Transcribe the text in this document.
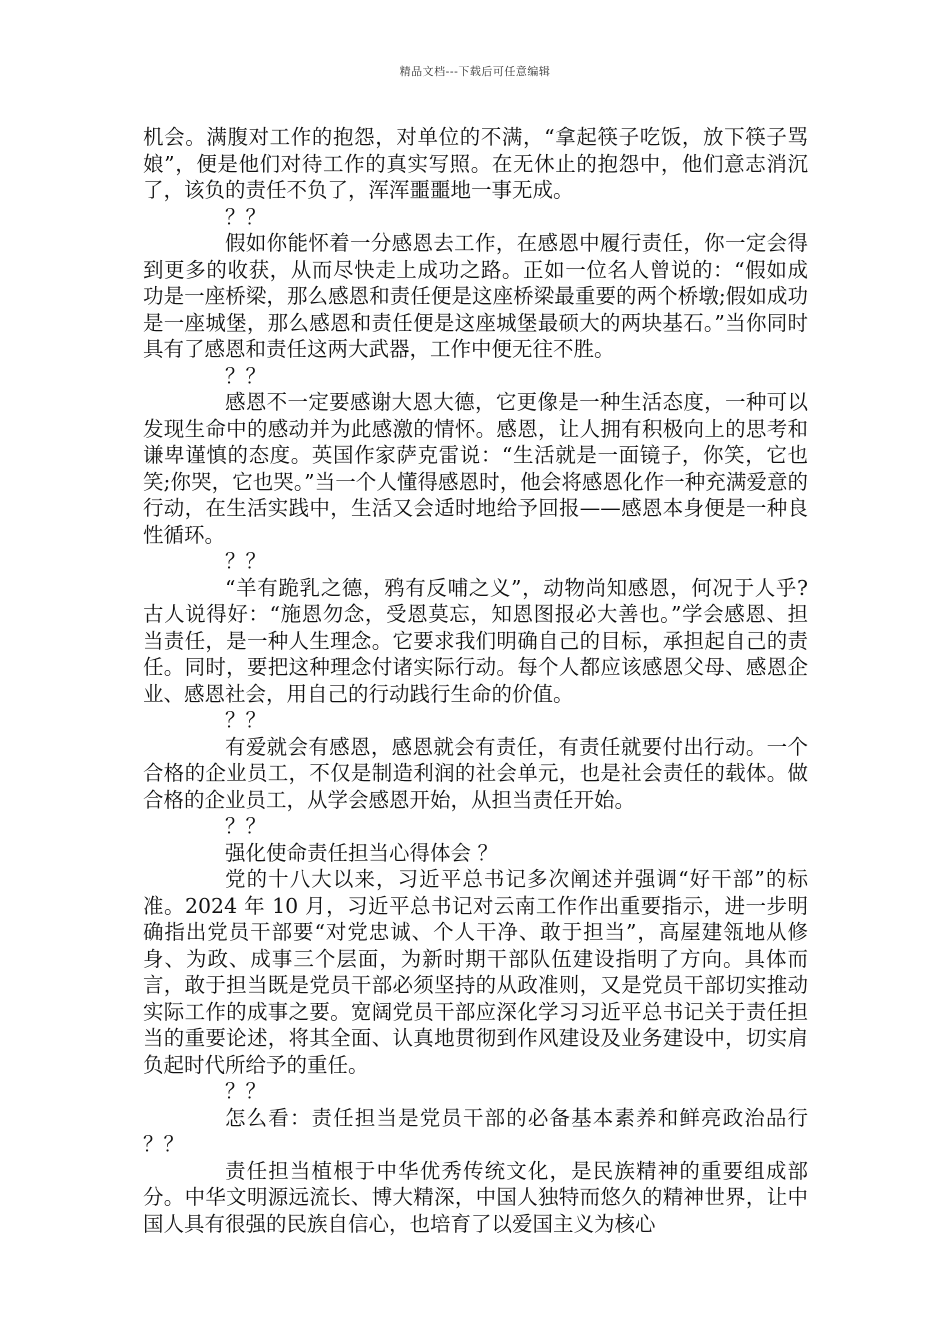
精品文档---下载后可任意编辑

机会。满腹对工作的抱怨，对单位的不满，“拿起筷子吃饭，放下筷子骂娘”，便是他们对待工作的真实写照。在无休止的抱怨中，他们意志消沉了，该负的责任不负了，浑浑噩噩地一事无成。

？？

假如你能怀着一分感恩去工作，在感恩中履行责任，你一定会得到更多的收获，从而尽快走上成功之路。正如一位名人曾说的：“假如成功是一座桥梁，那么感恩和责任便是这座桥梁最重要的两个桥墩;假如成功是一座城堡，那么感恩和责任便是这座城堡最硕大的两块基石。”当你同时具有了感恩和责任这两大武器，工作中便无往不胜。

？？

感恩不一定要感谢大恩大德，它更像是一种生活态度，一种可以发现生命中的感动并为此感激的情怀。感恩，让人拥有积极向上的思考和谦卑谨慎的态度。英国作家萨克雷说：“生活就是一面镜子，你笑，它也笑;你哭，它也哭。”当一个人懂得感恩时，他会将感恩化作一种充满爱意的行动，在生活实践中，生活又会适时地给予回报——感恩本身便是一种良性循环。

？？

“羊有跪乳之德，鸦有反哺之义”，动物尚知感恩，何况于人乎?古人说得好：“施恩勿念，受恩莫忘，知恩图报必大善也。”学会感恩、担当责任，是一种人生理念。它要求我们明确自己的目标，承担起自己的责任。同时，要把这种理念付诸实际行动。每个人都应该感恩父母、感恩企业、感恩社会，用自己的行动践行生命的价值。

？？

有爱就会有感恩，感恩就会有责任，有责任就要付出行动。一个合格的企业员工，不仅是制造利润的社会单元，也是社会责任的载体。做合格的企业员工，从学会感恩开始，从担当责任开始。

？？

强化使命责任担当心得体会 ？

党的十八大以来，习近平总书记多次阐述并强调“好干部”的标准。2024 年 10 月，习近平总书记对云南工作作出重要指示，进一步明确指出党员干部要“对党忠诚、个人干净、敢于担当”，高屋建瓴地从修身、为政、成事三个层面，为新时期干部队伍建设指明了方向。具体而言，敢于担当既是党员干部必须坚持的从政准则，又是党员干部切实推动实际工作的成事之要。宽阔党员干部应深化学习习近平总书记关于责任担当的重要论述，将其全面、认真地贯彻到作风建设及业务建设中，切实肩负起时代所给予的重任。

？？

怎么看：责任担当是党员干部的必备基本素养和鲜亮政治品行 ？？

责任担当植根于中华优秀传统文化，是民族精神的重要组成部分。中华文明源远流长、博大精深，中国人独特而悠久的精神世界，让中国人具有很强的民族自信心，也培育了以爱国主义为核心
